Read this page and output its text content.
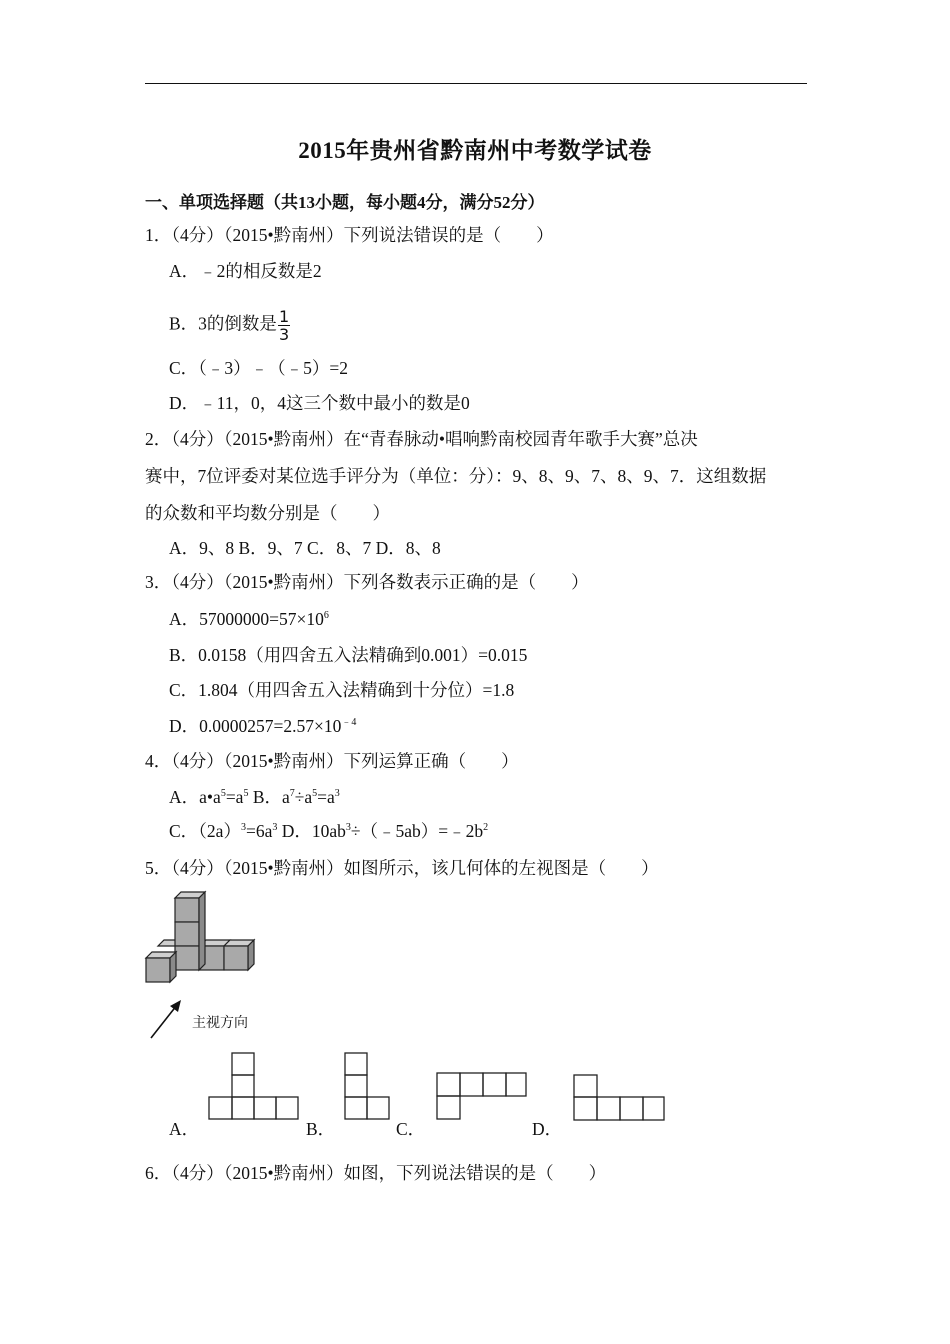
2015年贵州省黔南州中考数学试卷
一、单项选择题（共13小题，每小题4分，满分52分）
1．（4分）（2015•黔南州）下列说法错误的是（　　）
A．﹣2的相反数是2
B．3的倒数是 $\frac{1}{3}$
C．（﹣3）﹣（﹣5）=2
D．﹣11，0，4这三个数中最小的数是0
2．（4分）（2015•黔南州）在“青春脉动•唱响黔南校园青年歌手大赛”总决
赛中，7位评委对某位选手评分为（单位：分）：9、8、9、7、8、9、7．这组数据
的众数和平均数分别是（　　）
A．9、8 B．9、7 C．8、7 D．8、8
3．（4分）（2015•黔南州）下列各数表示正确的是（　　）
A．$57000000=57\times 10^6$
B．0.0158（用四舍五入法精确到0.001）=0.015
C．1.804（用四舍五入法精确到十分位）=1.8
D．$0.0000257=2.57\times 10^{﹣4}$
4．（4分）（2015•黔南州）下列运算正确（　　）
A．$a•a^5=a^5$ B．$a^7\div a^5=a^3$
C．$(2a)^3=6a^3$ D．$10ab^3\div(﹣5ab)=﹣2b^2$
5．（4分）（2015•黔南州）如图所示，该几何体的左视图是（　　）
主视方向
A．	B．	C．	D．
6．（4分）（2015•黔南州）如图，下列说法错误的是（　　）
